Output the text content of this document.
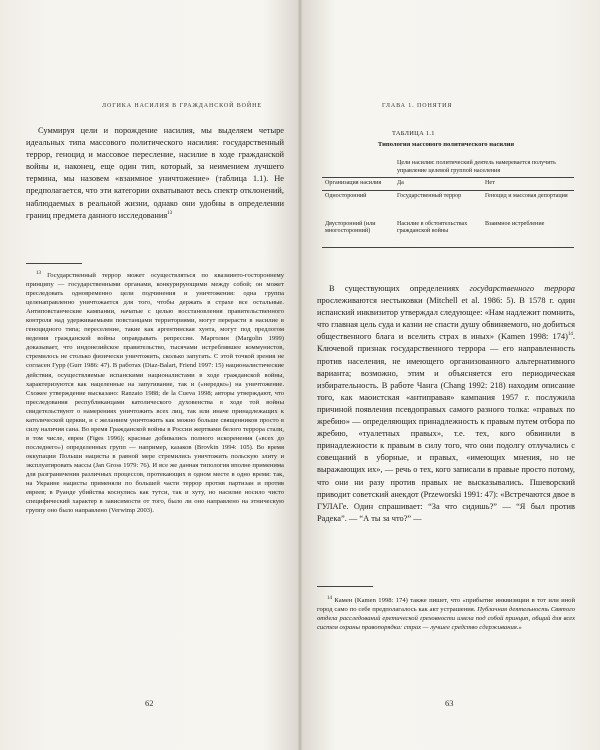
ЛОГИКА НАСИЛИЯ В ГРАЖДАНСКОЙ ВОЙНЕ

Суммируя цели и порождение насилия, мы выделяем четыре идеальных типа массового политического насилия: государственный террор, геноцид и массовое пересление, насилие в ходе гражданской войны и, наконец, еще один тип, который, за неимением лучшего термина, мы назовем «взаимное уничтожение» (таблица 1.1). Не предполагается, что эти категории охватывают весь спектр отклонений, наблюдаемых в реальной жизни, однако они удобны в определении границ предмета данного исследования$^{13}$

$^{13}$ Государственный террор может осуществляться по квазиинто-гостороннему принципу — государственными органами, конкурирующими между собой; он может преследовать одновременно цели подчинения и уничтожения: одна группа целенаправленно уничтожается для того, чтобы держать в страхе все остальные. Антиповстанческие кампании, начатые с целью восстановления правительственного контроля над удерживаемыми повстанцами территориями, могут перерасти в насилие в геноцидного типа; переселение, такие как аргентинская хунта, могут под предлогом ведения гражданской войны оправдывать репрессии. Марголин (Margolin 1999) доказывает, что индонезийское правительство, тысячами истреблявшее коммунистов, стремилось не столько физически уничтожить, сколько запугать. С этой точкой зрения не согласен Гурр (Gurr 1986: 47). В работах (Diaz-Balart, Friend 1997: 15) националистические действия, осуществляемые испанскими националистами в ходе гражданской войны, характеризуются как нацеленные на запугивание, так и («нередко») на уничтожение. Схожее утверждение высказано: Ranzato 1988; de la Cueva 1998; авторы утверждают, что преследования республиканцами католического духовенства в ходе той войны свидетельствуют о намерениях уничтожить всех лиц, так или иначе принадлежащих к католической церкви, и с желанием уничтожить как можно больше священников просто в силу наличия сана. Во время Гражданской войны в России жертвами белого террора стали, в том числе, евреи (Figes 1996); красные добивались полного искоренения («всех до последнего») определенных групп — например, казаков (Brovkin 1994: 105). Во время оккупации Польши нацисты в равной мере стремились уничтожить польскую элиту и эксплуатировать массы (Jan Gross 1979: 76). И все же данная типология вполне применима для разграничения различных процессов, протекающих в одном месте в одно время: так, на Украине нацисты применяли по большей части террор против партизан и против евреев; в Руанде убийства коснулись как тутси, так и хуту, но насилие носило чисто специфический характер в зависимости от того, было ли оно направлено на этническую группу оно было направлено (Verwimp 2003).

62
ГЛАВА 1. ПОНЯТИЯ
ТАБЛИЦА 1.1
Типология массового политического насилия
	Цели насилия: политический деятель намеревается получить управление целевой группой населения	
Организация насилия	Да	Нет
Односторонний	Государственный террор	Геноцид и массовая депортация
Двусторонний (или многосторонний)	Насилие в обстоятельствах гражданской войны	Взаимное истребление

В существующих определениях государственного террора прослеживаются нестыковки (Mitchell et al. 1986: 5). В 1578 г. один испанский инквизитор утверждал следующее: «Нам надлежит помнить, что главная цель суда и казни не спасти душу обвиняемого, но добиться общественного блага и вселить страх в иных» (Kamen 1998: 174)$^{14}$. Ключевой признак государственного террора — его направленность против населения, не имеющего организованного альтернативного варианта; возможно, этим и объясняется его периодическая избирательность. В работе Чанга (Chang 1992: 218) находим описание того, как маоистская «антиправая» кампания 1957 г. послужила причиной появления псевдоправых самого разного толка: «правых по жребию» — определяющих принадлежность к правым путем отбора по жребию, «туалетных правых», т.е. тех, кого обвинили в принадлежности к правым в силу того, что они подолгу отлучались с совещаний в уборные, и правых, «имеющих мнения, но не выражающих их», — речь о тех, кого записали в правые просто потому, что они ни разу против правых не высказывались. Пшеворский приводит советский анекдот (Przeworski 1991: 47): «Встречаются двое в ГУЛАГе. Один спрашивает: “За что сидишь?” — “Я был против Радека”. — “А ты за что?” —

$^{14}$ Камен (Kamen 1998: 174) также пишет, что «прибытие инквизиции в тот или иной город само по себе предполагалось как акт устрашения. Публичная деятельность Святого отдела расследований еретической греховности имела под собой принцип, общий для всех систем охраны правопорядка: страх — лучшее средство сдерживания.»

63
